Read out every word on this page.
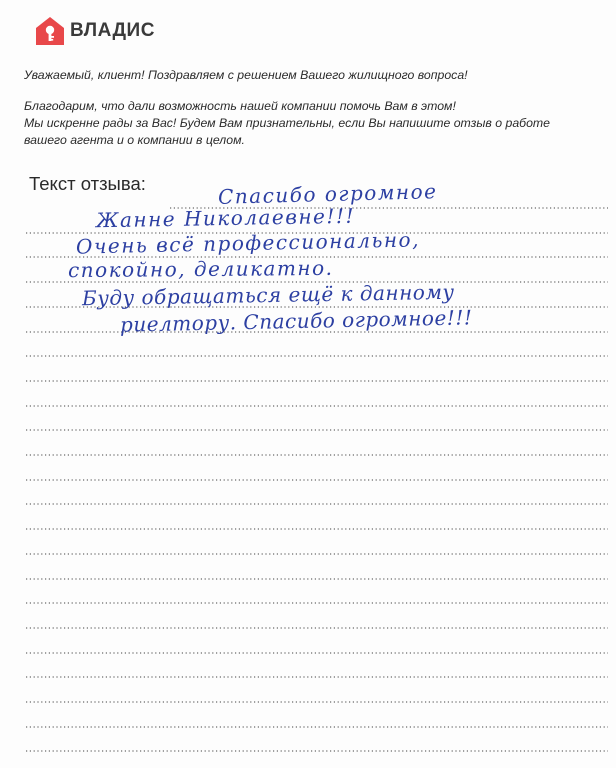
ВЛАДИС

Уважаемый, клиент! Поздравляем с решением Вашего жилищного вопроса!

Благодарим, что дали возможность нашей компании помочь Вам в этом!
Мы искренне рады за Вас! Будем Вам признательны, если Вы напишите отзыв о работе
вашего агента и о компании в целом.

Текст отзыва:	Спасибо огромное
Жанне Николаевне!!!
Очень всё профессионально,
спокойно, деликатно.
Буду обращаться ещё к данному
риелтору. Спасибо огромное!!!
